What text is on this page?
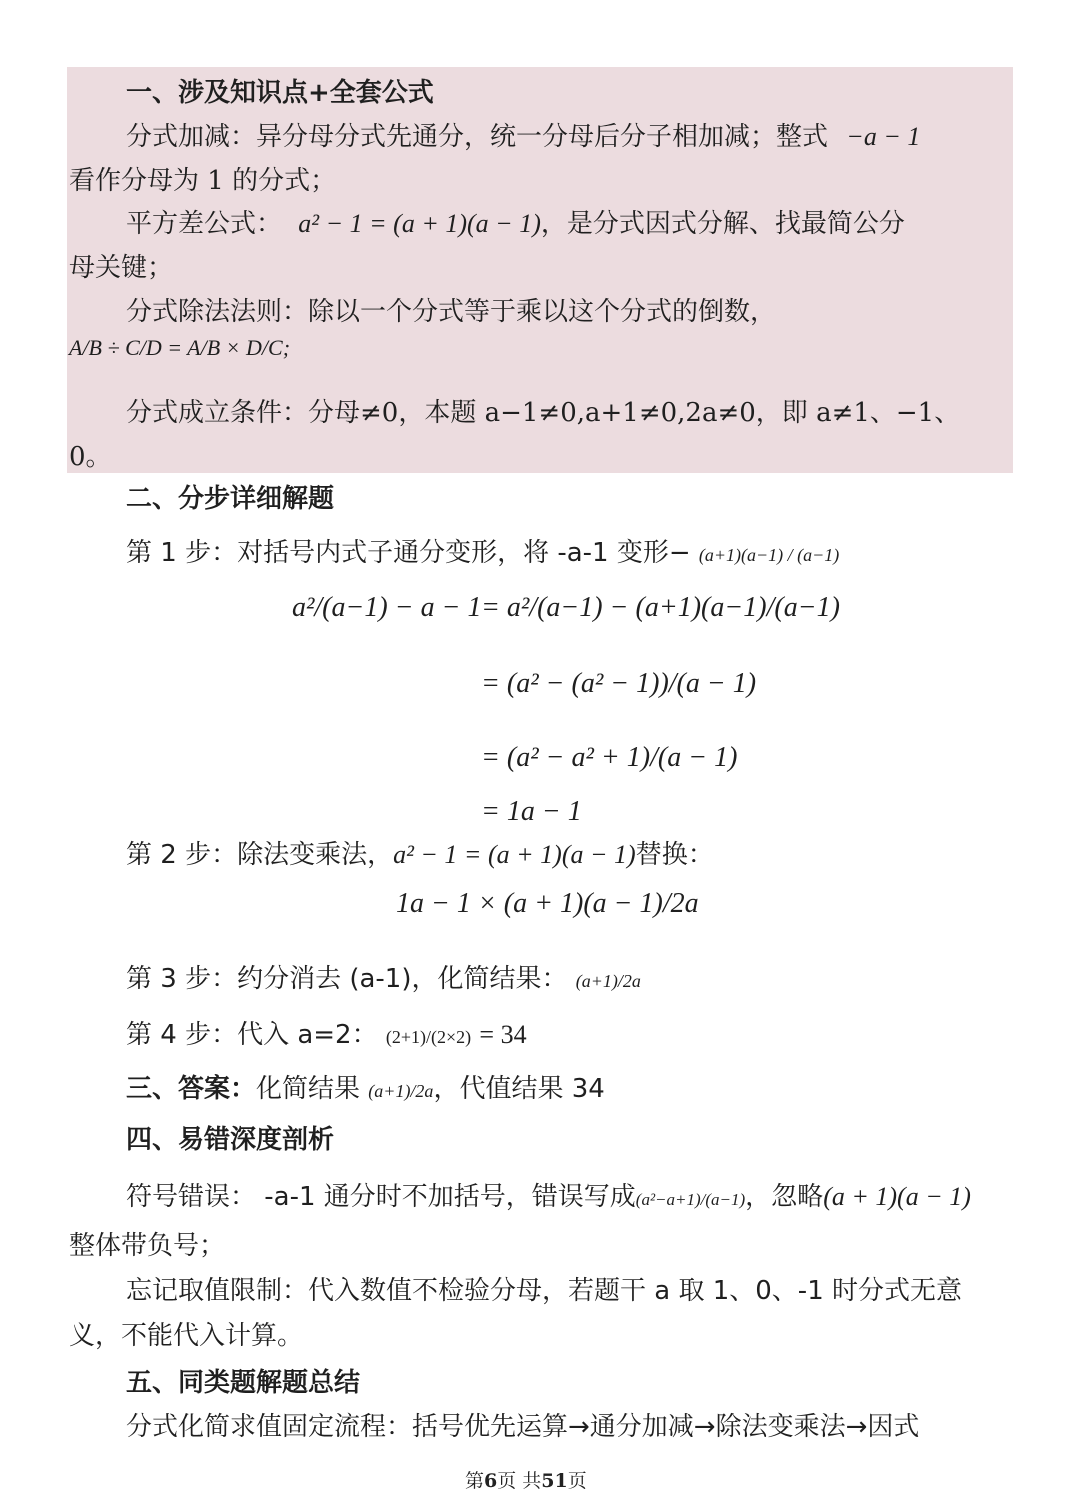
一、涉及知识点+全套公式
分式加减：异分母分式先通分，统一分母后分子相加减；整式 −a − 1
看作分母为 1 的分式；
平方差公式： a² − 1 = (a + 1)(a − 1)，是分式因式分解、找最简公分
母关键；
分式除法法则：除以一个分式等于乘以这个分式的倒数，
A/B ÷ C/D = A/B × D/C;
分式成立条件：分母≠0，本题 a−1≠0,a+1≠0,2a≠0，即 a≠1、−1、
0。
二、分步详细解题
第 1 步：对括号内式子通分变形，将 -a-1 变形− (a+1)(a−1) / (a−1)
a²/(a−1) − a − 1 = a²/(a−1) − (a+1)(a−1)/(a−1)
= (a² − (a² − 1))/(a − 1)
= (a² − a² + 1)/(a − 1)
= 1a − 1
第 2 步：除法变乘法，a² − 1 = (a + 1)(a − 1)替换：
1a − 1 × (a + 1)(a − 1)/2a
第 3 步：约分消去 (a-1)，化简结果： (a+1)/2a
第 4 步：代入 a=2： (2+1)/(2×2) = 34
三、答案：化简结果 (a+1)/2a，代值结果 34
四、易错深度剖析
符号错误： -a-1 通分时不加括号，错误写成(a²−a+1)/(a−1)，忽略(a + 1)(a − 1)
整体带负号；
忘记取值限制：代入数值不检验分母，若题干 a 取 1、0、-1 时分式无意
义，不能代入计算。
五、同类题解题总结
分式化简求值固定流程：括号优先运算→通分加减→除法变乘法→因式
第6页 共51页
